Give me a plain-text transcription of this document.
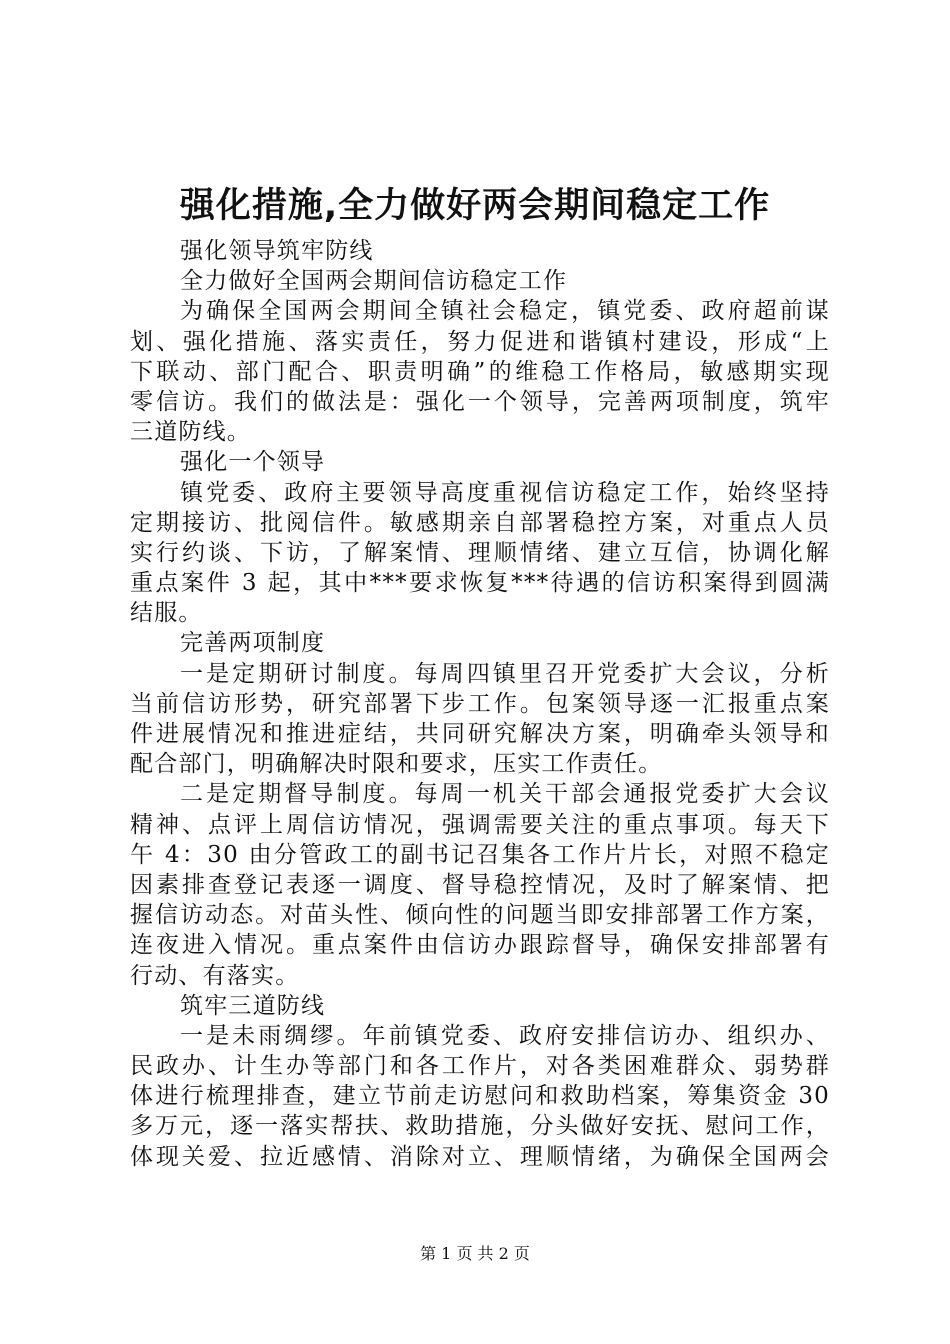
强化措施,全力做好两会期间稳定工作
强化领导筑牢防线
全力做好全国两会期间信访稳定工作
为确保全国两会期间全镇社会稳定，镇党委、政府超前谋
划、强化措施、落实责任，努力促进和谐镇村建设，形成“上
下联动、部门配合、职责明确”的维稳工作格局，敏感期实现
零信访。我们的做法是：强化一个领导，完善两项制度，筑牢
三道防线。
强化一个领导
镇党委、政府主要领导高度重视信访稳定工作，始终坚持
定期接访、批阅信件。敏感期亲自部署稳控方案，对重点人员
实行约谈、下访，了解案情、理顺情绪、建立互信，协调化解
重点案件 3 起，其中***要求恢复***待遇的信访积案得到圆满
结服。
完善两项制度
一是定期研讨制度。每周四镇里召开党委扩大会议，分析
当前信访形势，研究部署下步工作。包案领导逐一汇报重点案
件进展情况和推进症结，共同研究解决方案，明确牵头领导和
配合部门，明确解决时限和要求，压实工作责任。
二是定期督导制度。每周一机关干部会通报党委扩大会议
精神、点评上周信访情况，强调需要关注的重点事项。每天下
午 4：30 由分管政工的副书记召集各工作片片长，对照不稳定
因素排查登记表逐一调度、督导稳控情况，及时了解案情、把
握信访动态。对苗头性、倾向性的问题当即安排部署工作方案，
连夜进入情况。重点案件由信访办跟踪督导，确保安排部署有
行动、有落实。
筑牢三道防线
一是未雨绸缪。年前镇党委、政府安排信访办、组织办、
民政办、计生办等部门和各工作片，对各类困难群众、弱势群
体进行梳理排查，建立节前走访慰问和救助档案，筹集资金 30
多万元，逐一落实帮扶、救助措施，分头做好安抚、慰问工作，
体现关爱、拉近感情、消除对立、理顺情绪，为确保全国两会
第 1 页 共 2 页
